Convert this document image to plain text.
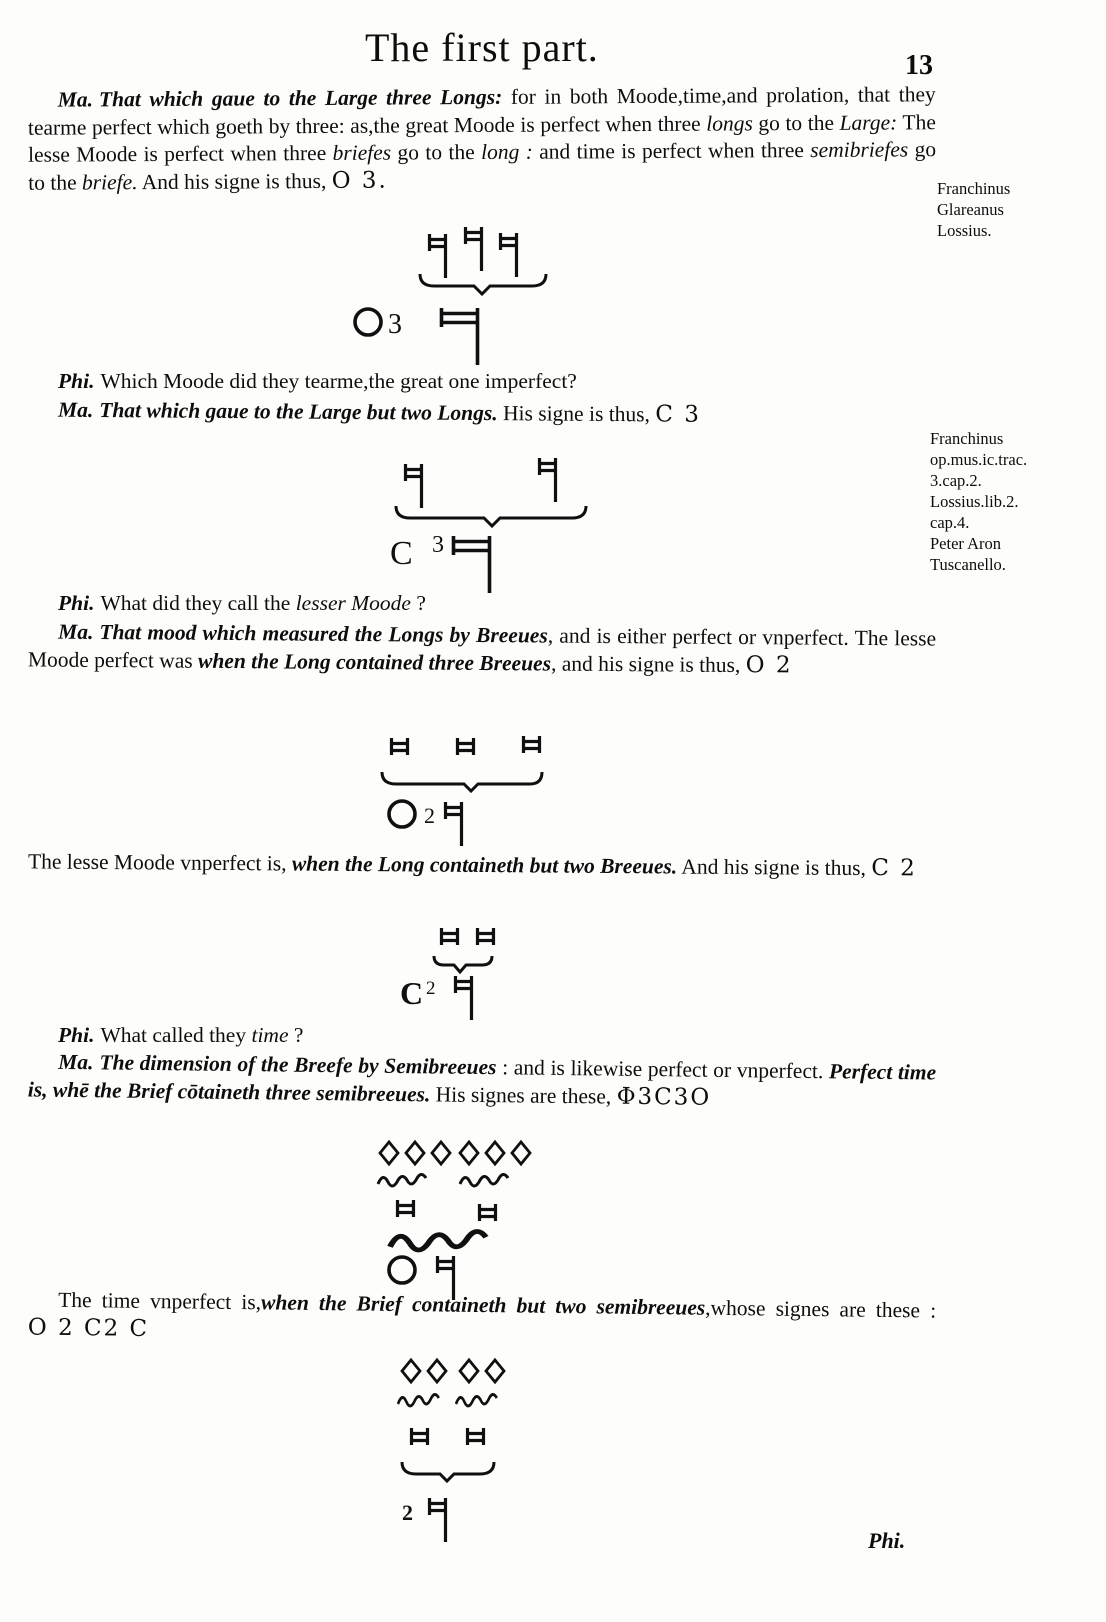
The first part.	13

Ma. That which gaue to the Large three Longs: for in both Moode,time,and prolation, that they tearme perfect which goeth by three: as,the great Moode is perfect when three longs go to the Large: The lesse Moode is perfect when three briefes go to the long : and time is perfect when three semibriefes go to the briefe. And his signe is thus, O 3.	Franchinus
Glareanus
Lossius.
3

Phi. Which Moode did they tearme,the great one imperfect?

Ma. That which gaue to the Large but two Longs. His signe is thus, C 3

Franchinus
op.mus.ic.trac.
3.cap.2.
Lossius.lib.2.
cap.4.
Peter Aron
Tuscanello.
C 3

Phi. What did they call the lesser Moode ?

Ma. That mood which measured the Longs by Breeues, and is either perfect or vnperfect. The lesse Moode perfect was when the Long contained three Breeues, and his signe is thus, O 2

2

The lesse Moode vnperfect is, when the Long containeth but two Breeues. And his signe is thus, C 2

C 2

Phi. What called they time ?

Ma. The dimension of the Breefe by Semibreeues : and is likewise perfect or vnperfect. Perfect time is, whē the Brief cōtaineth three semibreeues. His signes are these, Φ3C3O

The time vnperfect is,when the Brief containeth but two semibreeues,whose signes are these : O 2 C2 C

2
Phi.
